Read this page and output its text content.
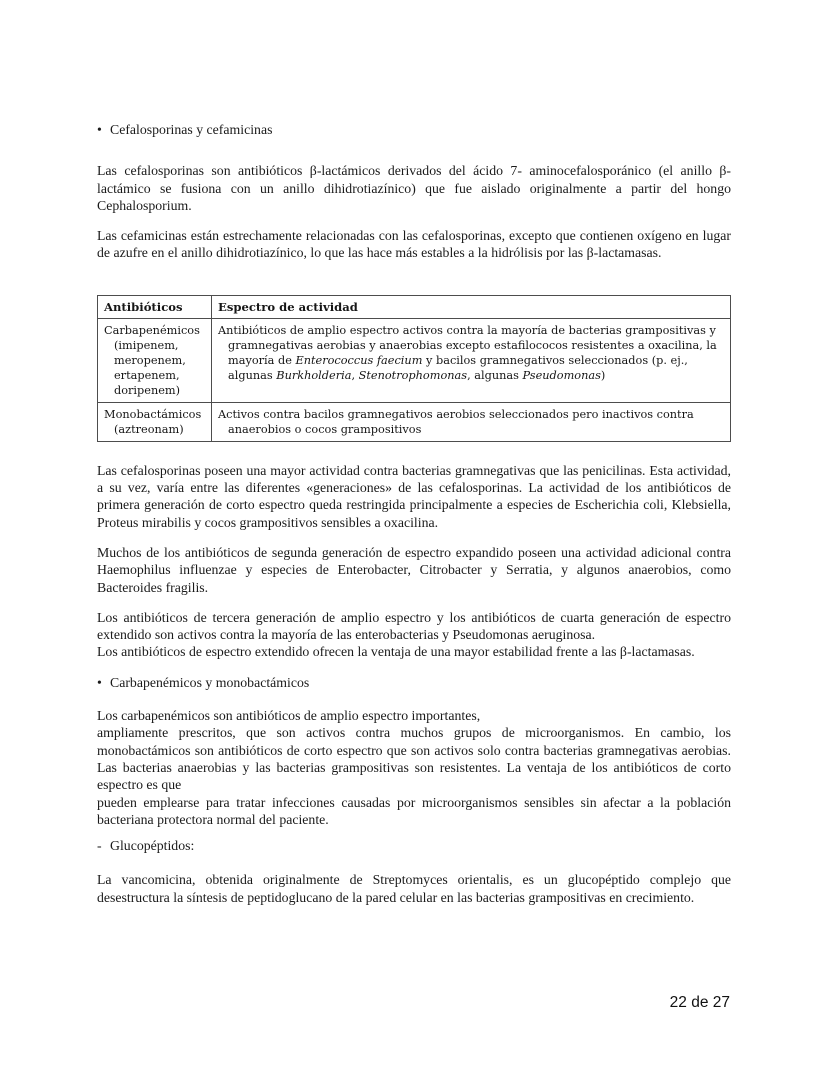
• Cefalosporinas y cefamicinas

Las cefalosporinas son antibióticos β-lactámicos derivados del ácido 7- aminocefalosporánico (el anillo β-lactámico se fusiona con un anillo dihidrotiazínico) que fue aislado originalmente a partir del hongo Cephalosporium.

Las cefamicinas están estrechamente relacionadas con las cefalosporinas, excepto que contienen oxígeno en lugar de azufre en el anillo dihidrotiazínico, lo que las hace más estables a la hidrólisis por las β-lactamasas.

Antibióticos	Espectro de actividad
Carbapenémicos (imipenem, meropenem, ertapenem, doripenem)	Antibióticos de amplio espectro activos contra la mayoría de bacterias grampositivas y gramnegativas aerobias y anaerobias excepto estafilococos resistentes a oxacilina, la mayoría de Enterococcus faecium y bacilos gramnegativos seleccionados (p. ej., algunas Burkholderia, Stenotrophomonas, algunas Pseudomonas)
Monobactámicos (aztreonam)	Activos contra bacilos gramnegativos aerobios seleccionados pero inactivos contra anaerobios o cocos grampositivos

Las cefalosporinas poseen una mayor actividad contra bacterias gramnegativas que las penicilinas. Esta actividad, a su vez, varía entre las diferentes «generaciones» de las cefalosporinas. La actividad de los antibióticos de primera generación de corto espectro queda restringida principalmente a especies de Escherichia coli, Klebsiella, Proteus mirabilis y cocos grampositivos sensibles a oxacilina.

Muchos de los antibióticos de segunda generación de espectro expandido poseen una actividad adicional contra Haemophilus influenzae y especies de Enterobacter, Citrobacter y Serratia, y algunos anaerobios, como Bacteroides fragilis.

Los antibióticos de tercera generación de amplio espectro y los antibióticos de cuarta generación de espectro extendido son activos contra la mayoría de las enterobacterias y Pseudomonas aeruginosa.

Los antibióticos de espectro extendido ofrecen la ventaja de una mayor estabilidad frente a las β-lactamasas.

• Carbapenémicos y monobactámicos

Los carbapenémicos son antibióticos de amplio espectro importantes,

ampliamente prescritos, que son activos contra muchos grupos de microorganismos. En cambio, los monobactámicos son antibióticos de corto espectro que son activos solo contra bacterias gramnegativas aerobias. Las bacterias anaerobias y las bacterias grampositivas son resistentes. La ventaja de los antibióticos de corto espectro es que

pueden emplearse para tratar infecciones causadas por microorganismos sensibles sin afectar a la población bacteriana protectora normal del paciente.

- Glucopéptidos:

La vancomicina, obtenida originalmente de Streptomyces orientalis, es un glucopéptido complejo que desestructura la síntesis de peptidoglucano de la pared celular en las bacterias grampositivas en crecimiento.

22 de 27
